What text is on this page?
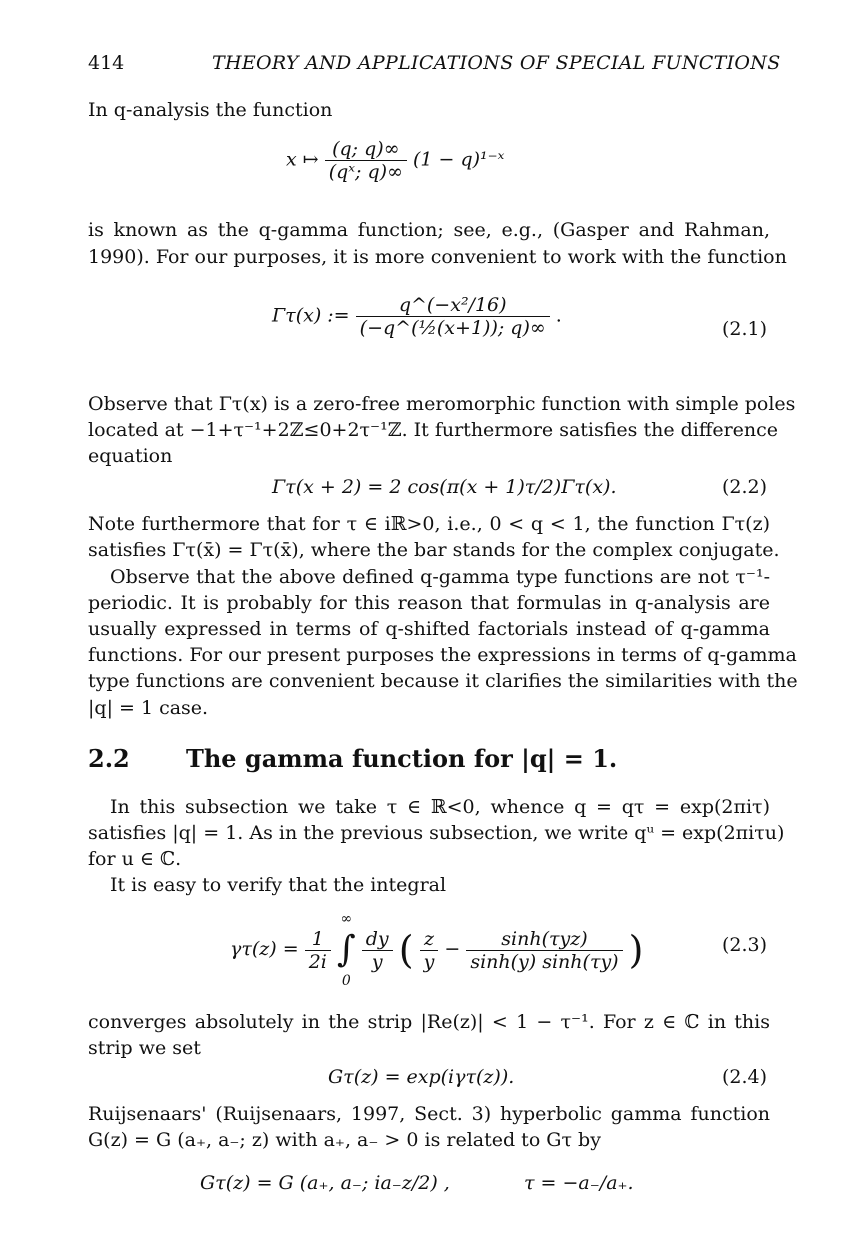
414	THEORY AND APPLICATIONS OF SPECIAL FUNCTIONS
In q-analysis the function
x ↦ $\frac{(q; q)\infty}{\text{(qˣ; q)∞}} (1$ − q)¹⁻ˣ
is known as the q-gamma function; see, e.g., (Gasper and Rahman,
1990). For our purposes, it is more convenient to work with the function
Γτ(x) := $\frac{\text{q\textasciicircum{}(−x²/16)}}{\text{(−q\textasciicircum{}(½(x+1)); q)∞}}$ .
(2.1)
Observe that Γτ(x) is a zero-free meromorphic function with simple poles
located at −1+τ⁻¹+2ℤ≤0+2τ⁻¹ℤ. It furthermore satisfies the difference
equation
Γτ(x + 2) = 2 cos(π(x + 1)τ/2)Γτ(x).	(2.2)
Note furthermore that for τ ∈ iℝ>0, i.e., 0 < q < 1, the function Γτ(z)
satisfies Γτ(x̄) = Γτ(x̄), where the bar stands for the complex conjugate.
Observe that the above defined q-gamma type functions are not τ⁻¹-
periodic. It is probably for this reason that formulas in q-analysis are
usually expressed in terms of q-shifted factorials instead of q-gamma
functions. For our present purposes the expressions in terms of q-gamma
type functions are convenient because it clarifies the similarities with the
|q| = 1 case.
2.2 The gamma function for |q| = 1.
In this subsection we take τ ∈ ℝ<0, whence q = qτ = exp(2πiτ)
satisfies |q| = 1. As in the previous subsection, we write qᵘ = exp(2πiτu)
for u ∈ ℂ.
It is easy to verify that the integral
$\gamma\tau(z) = \frac{1}{2i}$

∞
∫
0

$\frac{dy}{y}$ ( $\frac{z}{y} - \frac{\text{sinh(τyz)}}{\sinh(y) \sinh(\tau y)}$ )	(2.3)
converges absolutely in the strip |Re(z)| < 1 − τ⁻¹. For z ∈ ℂ in this
strip we set
Gτ(z) = exp(iγτ(z)).	(2.4)
Ruijsenaars' (Ruijsenaars, 1997, Sect. 3) hyperbolic gamma function
G(z) = G (a₊, a₋; z) with a₊, a₋ > 0 is related to Gτ by
Gτ(z) = G (a₊, a₋; ia₋z/2) ,	τ = −a₋/a₊.
